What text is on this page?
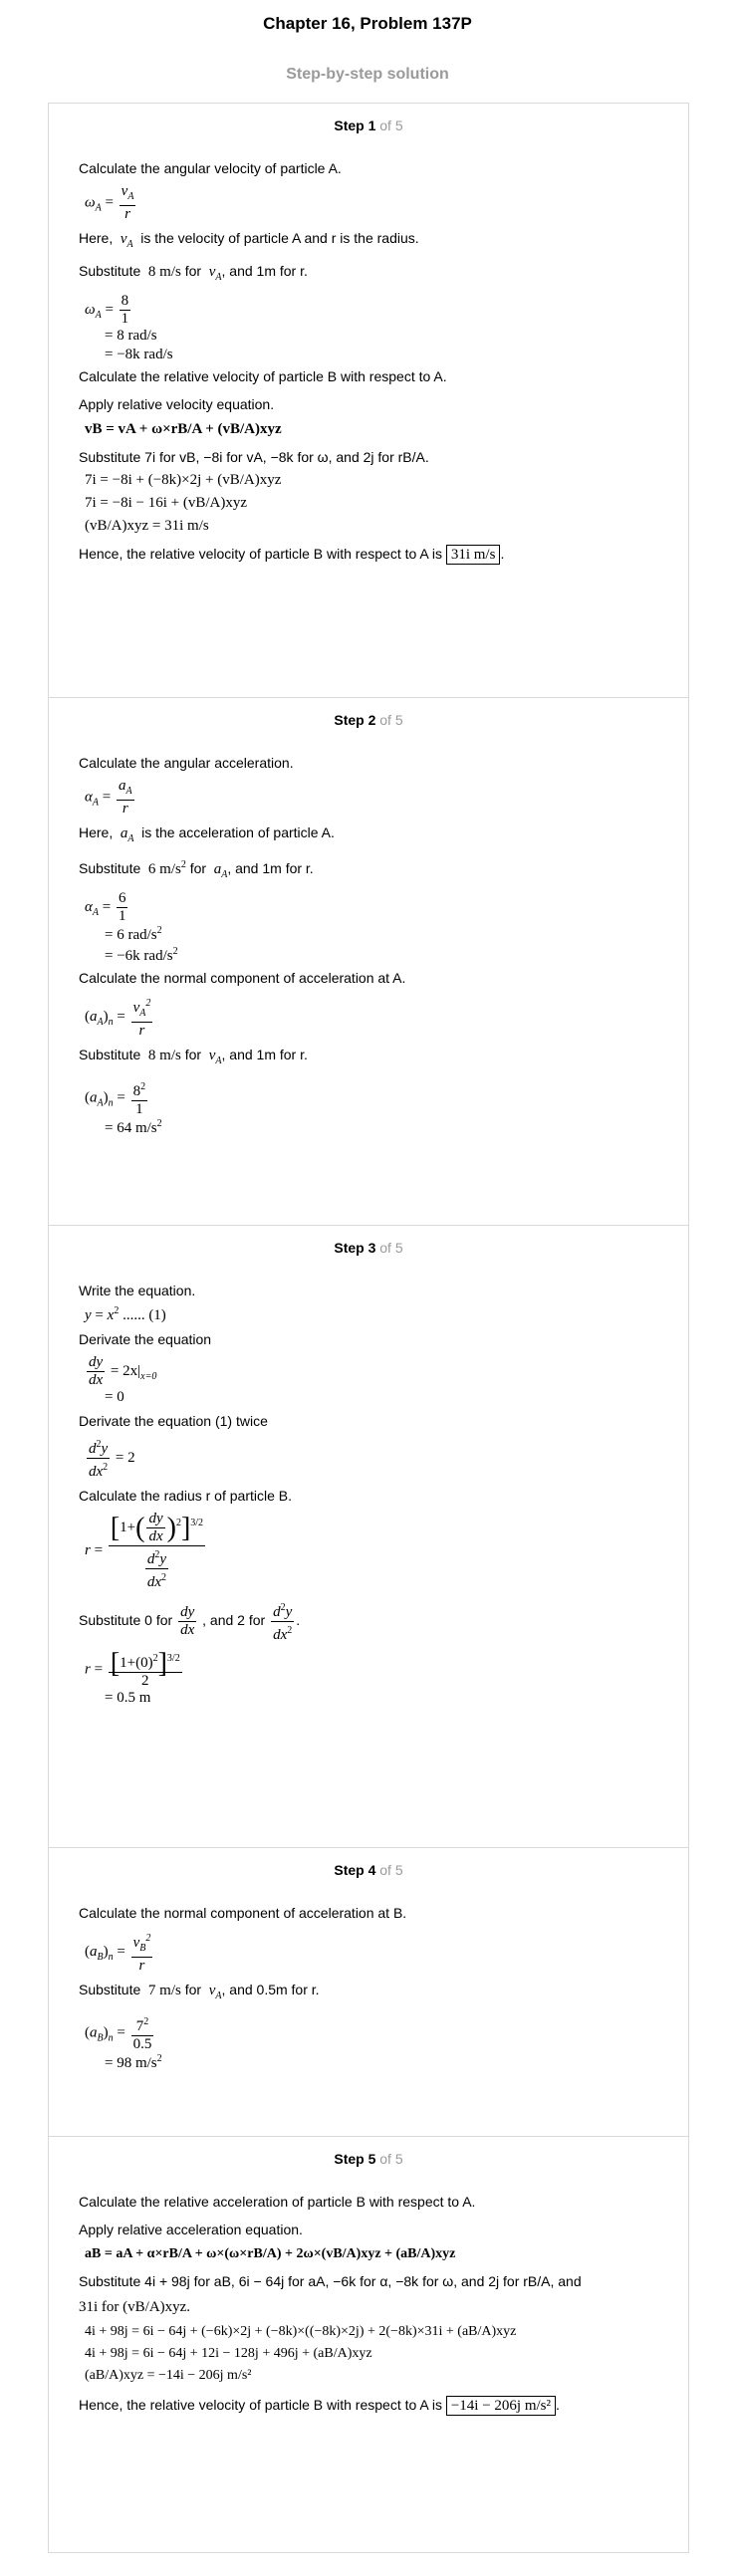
Chapter 16, Problem 137P
Step-by-step solution
Step 1 of 5

Calculate the angular velocity of particle A.

$\omega_A = \frac{v_A}{r}$

Here,  $v_A$ is the velocity of particle A and r is the radius.

Substitute 8 m/s for  $v_A$, and 1m for r.

$\omega_A = \frac{8}{1}$
= 8 rad/s
= −8k rad/s

Calculate the relative velocity of particle B with respect to A.

Apply relative velocity equation.

vB = vA + ω×rB/A + (vB/A)xyz

Substitute 7i for vB, −8i for vA, −8k for ω, and 2j for rB/A.

7i = −8i + (−8k)×2j + (vB/A)xyz
7i = −8i − 16i + (vB/A)xyz
(vB/A)xyz = 31i m/s

Hence, the relative velocity of particle B with respect to A is 31i m/s .

Step 2 of 5

Calculate the angular acceleration.

$\alpha_A = \frac{a_A}{r}$

Here,  $a_A$ is the acceleration of particle A.

Substitute 6 $m/s^2$ for  $a_A$, and 1m for r.

$\alpha_A = \frac{6}{1}$
= 6 rad/$s^2$
= −6k rad/$s^2$

Calculate the normal component of acceleration at A.

$(a_A)_n = \frac{v_A^2}{r}$

Substitute 8 m/s for  $v_A$, and 1m for r.

$(a_A)_n = \frac{8^2}{1}$
= 64 $m/s^2$
Step 3 of 5

Write the equation.

$y = x^2$ ...... (1)

Derivate the equation

$\frac{dy}{dx} = 2x|_{x=0}$
= 0

Derivate the equation (1) twice

$\frac{d^2y}{dx^2} = 2$

Calculate the radius r of particle B.

$r = \frac{[1+( \frac{dy}{dx} )^2]^{3/2}}{\frac{d^2y}{dx^2}}$

Substitute 0 for $\frac{dy}{dx}$ , and 2 for $\frac{d^2y}{dx^2}$ .

$r = \frac{[1+(0)^2]^{3/2}}{2}$
= 0.5 m
Step 4 of 5

Calculate the normal component of acceleration at B.

$(a_B)_n = \frac{v_B^2}{r}$

Substitute 7 m/s for  $v_A$, and 0.5m for r.

$(a_B)_n = \frac{7^2}{0.5}$
= 98 $m/s^2$
Step 5 of 5

Calculate the relative acceleration of particle B with respect to A.

Apply relative acceleration equation.

aB = aA + α×rB/A + ω×(ω×rB/A) + 2ω×(vB/A)xyz + (aB/A)xyz

Substitute 4i + 98j for aB, 6i − 64j for aA, −6k for α, −8k for ω, and 2j for rB/A, and

31i for (vB/A)xyz.

4i + 98j = 6i − 64j + (−6k)×2j + (−8k)×((−8k)×2j) + 2(−8k)×31i + (aB/A)xyz
4i + 98j = 6i − 64j + 12i − 128j + 496j + (aB/A)xyz
(aB/A)xyz = −14i − 206j m/s²

Hence, the relative velocity of particle B with respect to A is −14i − 206j m/s² .
